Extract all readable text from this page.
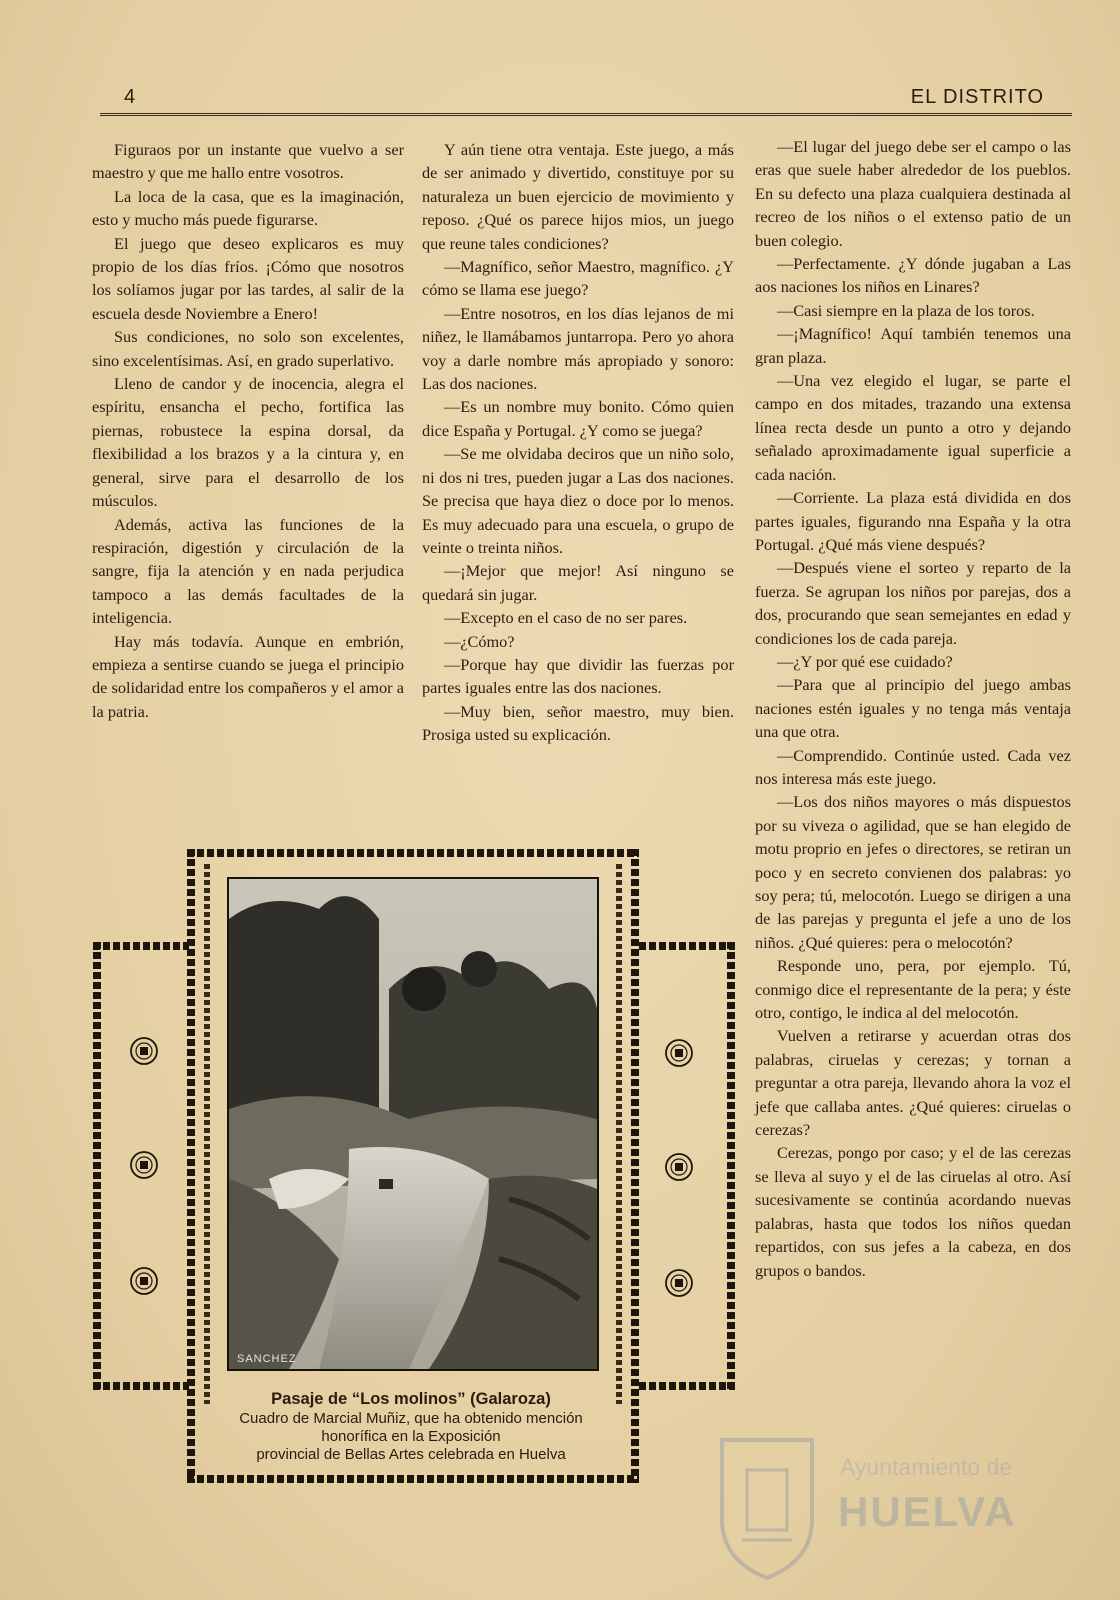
4	EL DISTRITO

Figuraos por un instante que vuelvo a ser maestro y que me hallo entre vosotros.

La loca de la casa, que es la imaginación, esto y mucho más puede figurarse.

El juego que deseo explicaros es muy propio de los días fríos. ¡Cómo que nosotros los solíamos jugar por las tardes, al salir de la escuela desde Noviembre a Enero!

Sus condiciones, no solo son excelentes, sino excelentísimas. Así, en grado superlativo.

Lleno de candor y de inocencia, alegra el espíritu, ensancha el pecho, fortifica las piernas, robustece la espina dorsal, da flexibilidad a los brazos y a la cintura y, en general, sirve para el desarrollo de los músculos.

Además, activa las funciones de la respiración, digestión y circulación de la sangre, fija la atención y en nada perjudica tampoco a las demás facultades de la inteligencia.

Hay más todavía. Aunque en embrión, empieza a sentirse cuando se juega el principio de solidaridad entre los compañeros y el amor a la patria.

Y aún tiene otra ventaja. Este juego, a más de ser animado y divertido, constituye por su naturaleza un buen ejercicio de movimiento y reposo. ¿Qué os parece hijos mios, un juego que reune tales condiciones?

—Magnífico, señor Maestro, magnífico. ¿Y cómo se llama ese juego?

—Entre nosotros, en los días lejanos de mi niñez, le llamábamos juntarropa. Pero yo ahora voy a darle nombre más apropiado y sonoro: Las dos naciones.

—Es un nombre muy bonito. Cómo quien dice España y Portugal. ¿Y como se juega?

—Se me olvidaba deciros que un niño solo, ni dos ni tres, pueden jugar a Las dos naciones. Se precisa que haya diez o doce por lo menos. Es muy adecuado para una escuela, o grupo de veinte o treinta niños.

—¡Mejor que mejor! Así ninguno se quedará sin jugar.

—Excepto en el caso de no ser pares.

—¿Cómo?

—Porque hay que dividir las fuerzas por partes iguales entre las dos naciones.

—Muy bien, señor maestro, muy bien. Prosiga usted su explicación.

—El lugar del juego debe ser el campo o las eras que suele haber alrededor de los pueblos. En su defecto una plaza cualquiera destinada al recreo de los niños o el extenso patio de un buen colegio.

—Perfectamente. ¿Y dónde jugaban a Las aos naciones los niños en Linares?

—Casi siempre en la plaza de los toros.

—¡Magnífico! Aquí también tenemos una gran plaza.

—Una vez elegido el lugar, se parte el campo en dos mitades, trazando una extensa línea recta desde un punto a otro y dejando señalado aproximadamente igual superficie a cada nación.

—Corriente. La plaza está dividida en dos partes iguales, figurando nna España y la otra Portugal. ¿Qué más viene después?

—Después viene el sorteo y reparto de la fuerza. Se agrupan los niños por parejas, dos a dos, procurando que sean semejantes en edad y condiciones los de cada pareja.

—¿Y por qué ese cuidado?

—Para que al principio del juego ambas naciones estén iguales y no tenga más ventaja una que otra.

—Comprendido. Continúe usted. Cada vez nos interesa más este juego.

—Los dos niños mayores o más dispuestos por su viveza o agilidad, que se han elegido de motu proprio en jefes o directores, se retiran un poco y en secreto convienen dos palabras: yo soy pera; tú, melocotón. Luego se dirigen a una de las parejas y pregunta el jefe a uno de los niños. ¿Qué quieres: pera o melocotón?

Responde uno, pera, por ejemplo. Tú, conmigo dice el representante de la pera; y éste otro, contigo, le indica al del melocotón.

Vuelven a retirarse y acuerdan otras dos palabras, ciruelas y cerezas; y tornan a preguntar a otra pareja, llevando ahora la voz el jefe que callaba antes. ¿Qué quieres: ciruelas o cerezas?

Cerezas, pongo por caso; y el de las cerezas se lleva al suyo y el de las ciruelas al otro. Así sucesivamente se continúa acordando nuevas palabras, hasta que todos los niños quedan repartidos, con sus jefes a la cabeza, en dos grupos o bandos.

SANCHEZ
Pasaje de “Los molinos” (Galaroza)
Cuadro de Marcial Muñiz, que ha obtenido mención
honorífica en la Exposición
provincial de Bellas Artes celebrada en Huelva	Ayuntamiento de
HUELVA
